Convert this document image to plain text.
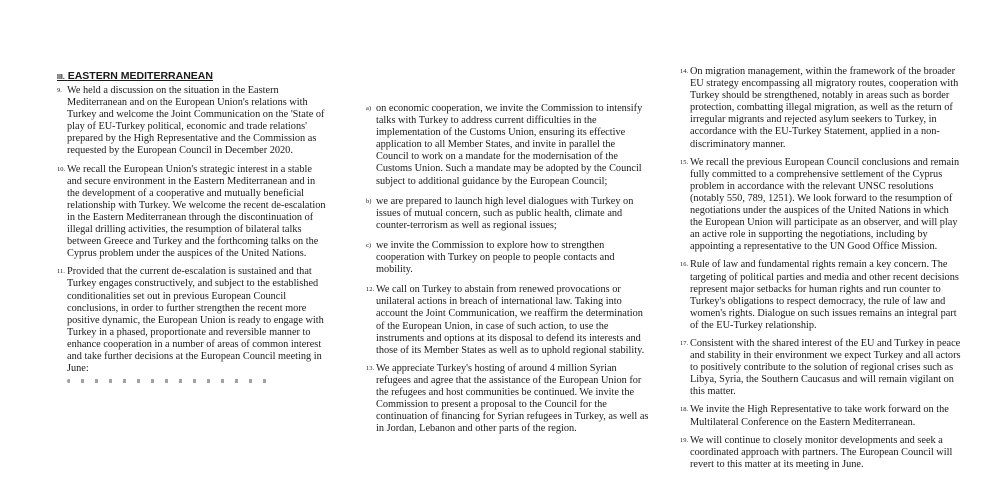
III. EASTERN MEDITERRANEAN
9. We held a discussion on the situation in the Eastern Mediterranean and on the European Union's relations with Turkey and welcome the Joint Communication on the 'State of play of EU-Turkey political, economic and trade relations' prepared by the High Representative and the Commission as requested by the European Council in December 2020.
10. We recall the European Union's strategic interest in a stable and secure environment in the Eastern Mediterranean and in the development of a cooperative and mutually beneficial relationship with Turkey. We welcome the recent de-escalation in the Eastern Mediterranean through the discontinuation of illegal drilling activities, the resumption of bilateral talks between Greece and Turkey and the forthcoming talks on the Cyprus problem under the auspices of the United Nations.
11. Provided that the current de-escalation is sustained and that Turkey engages constructively, and subject to the established conditionalities set out in previous European Council conclusions, in order to further strengthen the recent more positive dynamic, the European Union is ready to engage with Turkey in a phased, proportionate and reversible manner to enhance cooperation in a number of areas of common interest and take further decisions at the European Council meeting in June:
a) on economic cooperation, we invite the Commission to intensify talks with Turkey to address current difficulties in the implementation of the Customs Union, ensuring its effective application to all Member States, and invite in parallel the Council to work on a mandate for the modernisation of the Customs Union. Such a mandate may be adopted by the Council subject to additional guidance by the European Council;
b) we are prepared to launch high level dialogues with Turkey on issues of mutual concern, such as public health, climate and counter-terrorism as well as regional issues;
c) we invite the Commission to explore how to strengthen cooperation with Turkey on people to people contacts and mobility.
12. We call on Turkey to abstain from renewed provocations or unilateral actions in breach of international law. Taking into account the Joint Communication, we reaffirm the determination of the European Union, in case of such action, to use the instruments and options at its disposal to defend its interests and those of its Member States as well as to uphold regional stability.
13. We appreciate Turkey's hosting of around 4 million Syrian refugees and agree that the assistance of the European Union for the refugees and host communities be continued. We invite the Commission to present a proposal to the Council for the continuation of financing for Syrian refugees in Turkey, as well as in Jordan, Lebanon and other parts of the region.
14. On migration management, within the framework of the broader EU strategy encompassing all migratory routes, cooperation with Turkey should be strengthened, notably in areas such as border protection, combatting illegal migration, as well as the return of irregular migrants and rejected asylum seekers to Turkey, in accordance with the EU-Turkey Statement, applied in a non-discriminatory manner.
15. We recall the previous European Council conclusions and remain fully committed to a comprehensive settlement of the Cyprus problem in accordance with the relevant UNSC resolutions (notably 550, 789, 1251). We look forward to the resumption of negotiations under the auspices of the United Nations in which the European Union will participate as an observer, and will play an active role in supporting the negotiations, including by appointing a representative to the UN Good Office Mission.
16. Rule of law and fundamental rights remain a key concern. The targeting of political parties and media and other recent decisions represent major setbacks for human rights and run counter to Turkey's obligations to respect democracy, the rule of law and women's rights. Dialogue on such issues remains an integral part of the EU-Turkey relationship.
17. Consistent with the shared interest of the EU and Turkey in peace and stability in their environment we expect Turkey and all actors to positively contribute to the solution of regional crises such as Libya, Syria, the Southern Caucasus and will remain vigilant on this matter.
18. We invite the High Representative to take work forward on the Multilateral Conference on the Eastern Mediterranean.
19. We will continue to closely monitor developments and seek a coordinated approach with partners. The European Council will revert to this matter at its meeting in June.
